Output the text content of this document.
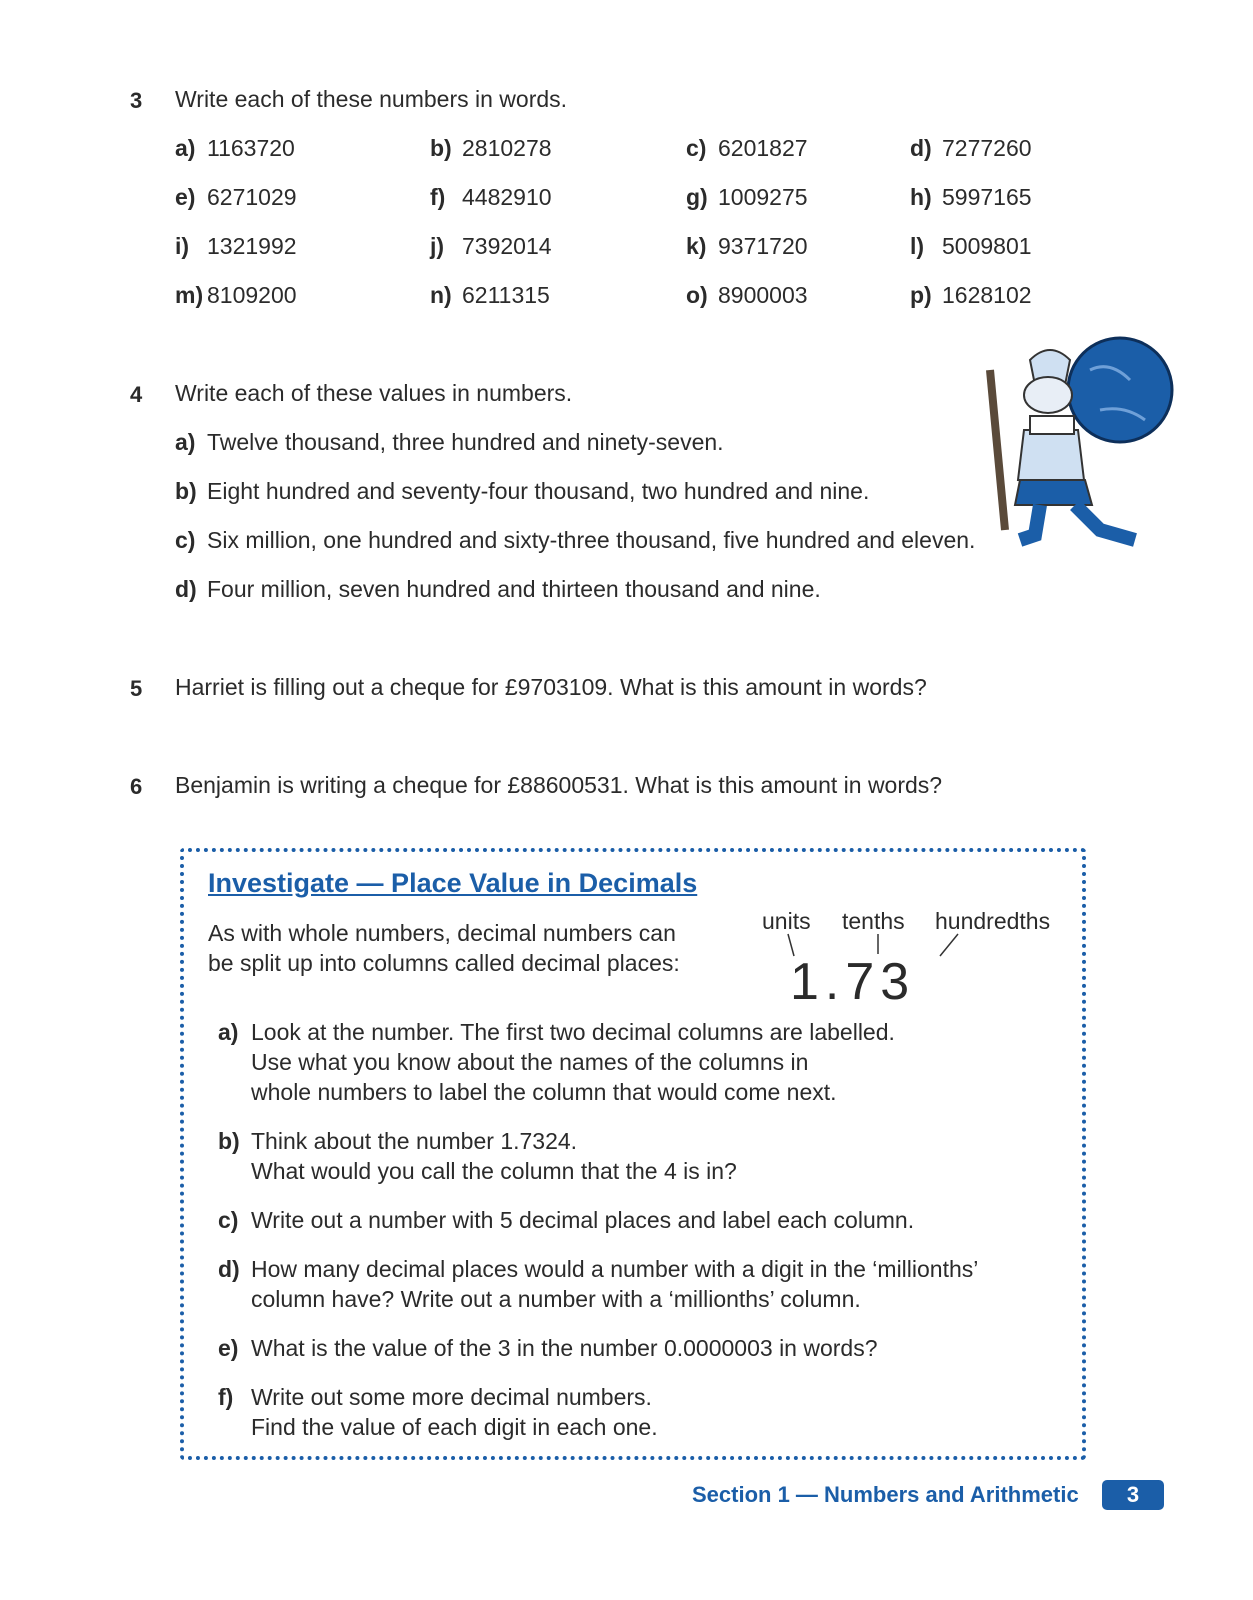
3 Write each of these numbers in words.
a) 1163720	b) 2810278	c) 6201827	d) 7277260
e) 6271029	f) 4482910	g) 1009275	h) 5997165
i) 1321992	j) 7392014	k) 9371720	l) 5009801
m) 8109200	n) 6211315	o) 8900003	p) 1628102
4 Write each of these values in numbers.
a) Twelve thousand, three hundred and ninety-seven.
b) Eight hundred and seventy-four thousand, two hundred and nine.
c) Six million, one hundred and sixty-three thousand, five hundred and eleven.
d) Four million, seven hundred and thirteen thousand and nine.
5 Harriet is filling out a cheque for £9703109. What is this amount in words?
6 Benjamin is writing a cheque for £88600531. What is this amount in words?
Investigate — Place Value in Decimals
As with whole numbers, decimal numbers can
be split up into columns called decimal places:
units tenths hundredths
1.73
a) Look at the number. The first two decimal columns are labelled.
Use what you know about the names of the columns in
whole numbers to label the column that would come next.
b) Think about the number 1.7324.
What would you call the column that the 4 is in?
c) Write out a number with 5 decimal places and label each column.
d) How many decimal places would a number with a digit in the ‘millionths’
column have? Write out a number with a ‘millionths’ column.
e) What is the value of the 3 in the number 0.0000003 in words?
f) Write out some more decimal numbers.
Find the value of each digit in each one.
Section 1 — Numbers and Arithmetic	3
